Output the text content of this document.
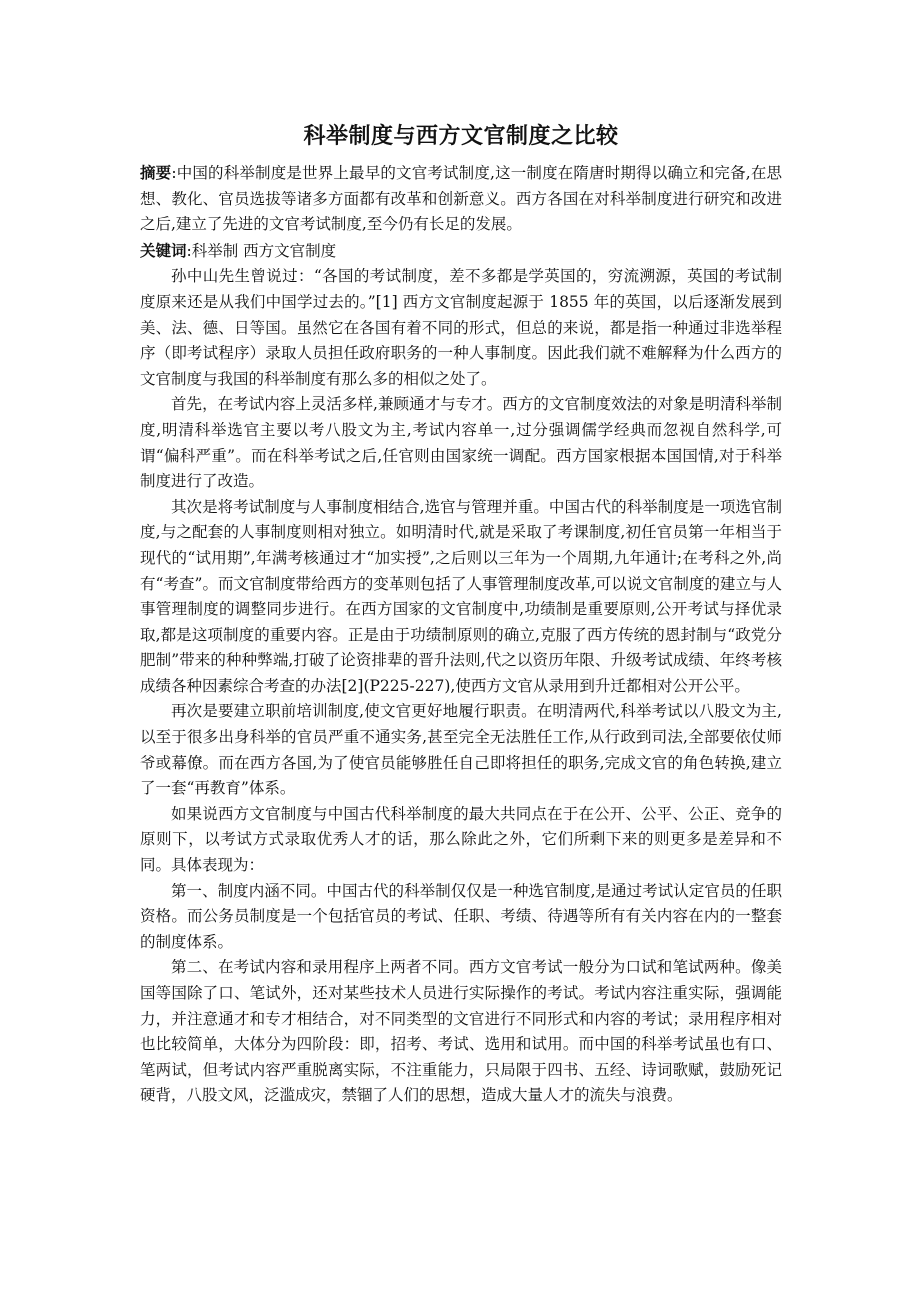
科举制度与西方文官制度之比较

摘要:中国的科举制度是世界上最早的文官考试制度,这一制度在隋唐时期得以确立和完备,在思想、教化、官员选拔等诸多方面都有改革和创新意义。西方各国在对科举制度进行研究和改进之后,建立了先进的文官考试制度,至今仍有长足的发展。

关键词:科举制 西方文官制度

孙中山先生曾说过：“各国的考试制度，差不多都是学英国的，穷流溯源，英国的考试制度原来还是从我们中国学过去的。”[1] 西方文官制度起源于 1855 年的英国，以后逐渐发展到美、法、德、日等国。虽然它在各国有着不同的形式，但总的来说，都是指一种通过非选举程序（即考试程序）录取人员担任政府职务的一种人事制度。因此我们就不难解释为什么西方的文官制度与我国的科举制度有那么多的相似之处了。

首先，在考试内容上灵活多样,兼顾通才与专才。西方的文官制度效法的对象是明清科举制度,明清科举选官主要以考八股文为主,考试内容单一,过分强调儒学经典而忽视自然科学,可谓“偏科严重”。而在科举考试之后,任官则由国家统一调配。西方国家根据本国国情,对于科举制度进行了改造。

其次是将考试制度与人事制度相结合,选官与管理并重。中国古代的科举制度是一项选官制度,与之配套的人事制度则相对独立。如明清时代,就是采取了考课制度,初任官员第一年相当于现代的“试用期”,年满考核通过才“加实授”,之后则以三年为一个周期,九年通计;在考科之外,尚有“考查”。而文官制度带给西方的变革则包括了人事管理制度改革,可以说文官制度的建立与人事管理制度的调整同步进行。在西方国家的文官制度中,功绩制是重要原则,公开考试与择优录取,都是这项制度的重要内容。正是由于功绩制原则的确立,克服了西方传统的恩封制与“政党分肥制”带来的种种弊端,打破了论资排辈的晋升法则,代之以资历年限、升级考试成绩、年终考核成绩各种因素综合考查的办法[2](P225-227),使西方文官从录用到升迁都相对公开公平。

再次是要建立职前培训制度,使文官更好地履行职责。在明清两代,科举考试以八股文为主,以至于很多出身科举的官员严重不通实务,甚至完全无法胜任工作,从行政到司法,全部要依仗师爷或幕僚。而在西方各国,为了使官员能够胜任自己即将担任的职务,完成文官的角色转换,建立了一套“再教育”体系。

如果说西方文官制度与中国古代科举制度的最大共同点在于在公开、公平、公正、竞争的原则下，以考试方式录取优秀人才的话，那么除此之外，它们所剩下来的则更多是差异和不同。具体表现为：

第一、制度内涵不同。中国古代的科举制仅仅是一种选官制度,是通过考试认定官员的任职资格。而公务员制度是一个包括官员的考试、任职、考绩、待遇等所有有关内容在内的一整套的制度体系。

第二、在考试内容和录用程序上两者不同。西方文官考试一般分为口试和笔试两种。像美国等国除了口、笔试外，还对某些技术人员进行实际操作的考试。考试内容注重实际，强调能力，并注意通才和专才相结合，对不同类型的文官进行不同形式和内容的考试；录用程序相对也比较简单，大体分为四阶段：即，招考、考试、选用和试用。而中国的科举考试虽也有口、笔两试，但考试内容严重脱离实际，不注重能力，只局限于四书、五经、诗词歌赋，鼓励死记硬背，八股文风，泛滥成灾，禁锢了人们的思想，造成大量人才的流失与浪费。
